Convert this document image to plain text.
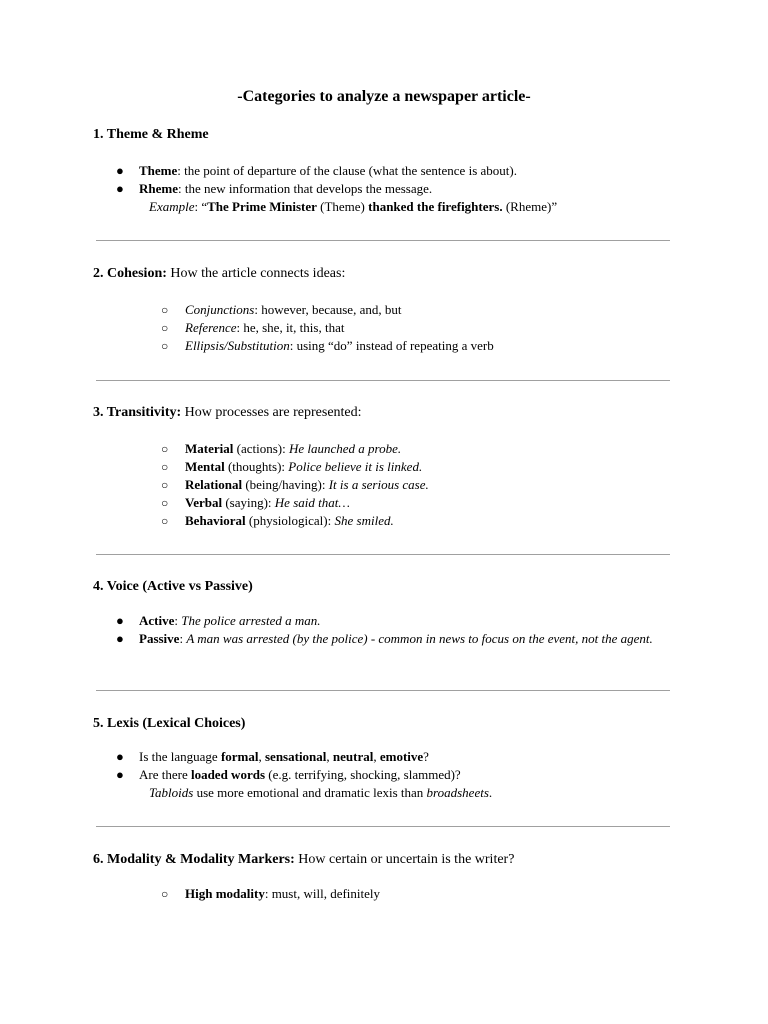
-Categories to analyze a newspaper article-
1. Theme & Rheme
● Theme: the point of departure of the clause (what the sentence is about).
● Rheme: the new information that develops the message.
Example: “The Prime Minister (Theme) thanked the firefighters. (Rheme)”
2. Cohesion: How the article connects ideas:
○ Conjunctions: however, because, and, but
○ Reference: he, she, it, this, that
○ Ellipsis/Substitution: using “do” instead of repeating a verb
3. Transitivity: How processes are represented:
○ Material (actions): He launched a probe.
○ Mental (thoughts): Police believe it is linked.
○ Relational (being/having): It is a serious case.
○ Verbal (saying): He said that…
○ Behavioral (physiological): She smiled.
4. Voice (Active vs Passive)
● Active: The police arrested a man.
● Passive: A man was arrested (by the police) - common in news to focus on the event, not the agent.
5. Lexis (Lexical Choices)
● Is the language formal, sensational, neutral, emotive?
● Are there loaded words (e.g. terrifying, shocking, slammed)?
Tabloids use more emotional and dramatic lexis than broadsheets.
6. Modality & Modality Markers: How certain or uncertain is the writer?
○ High modality: must, will, definitely
